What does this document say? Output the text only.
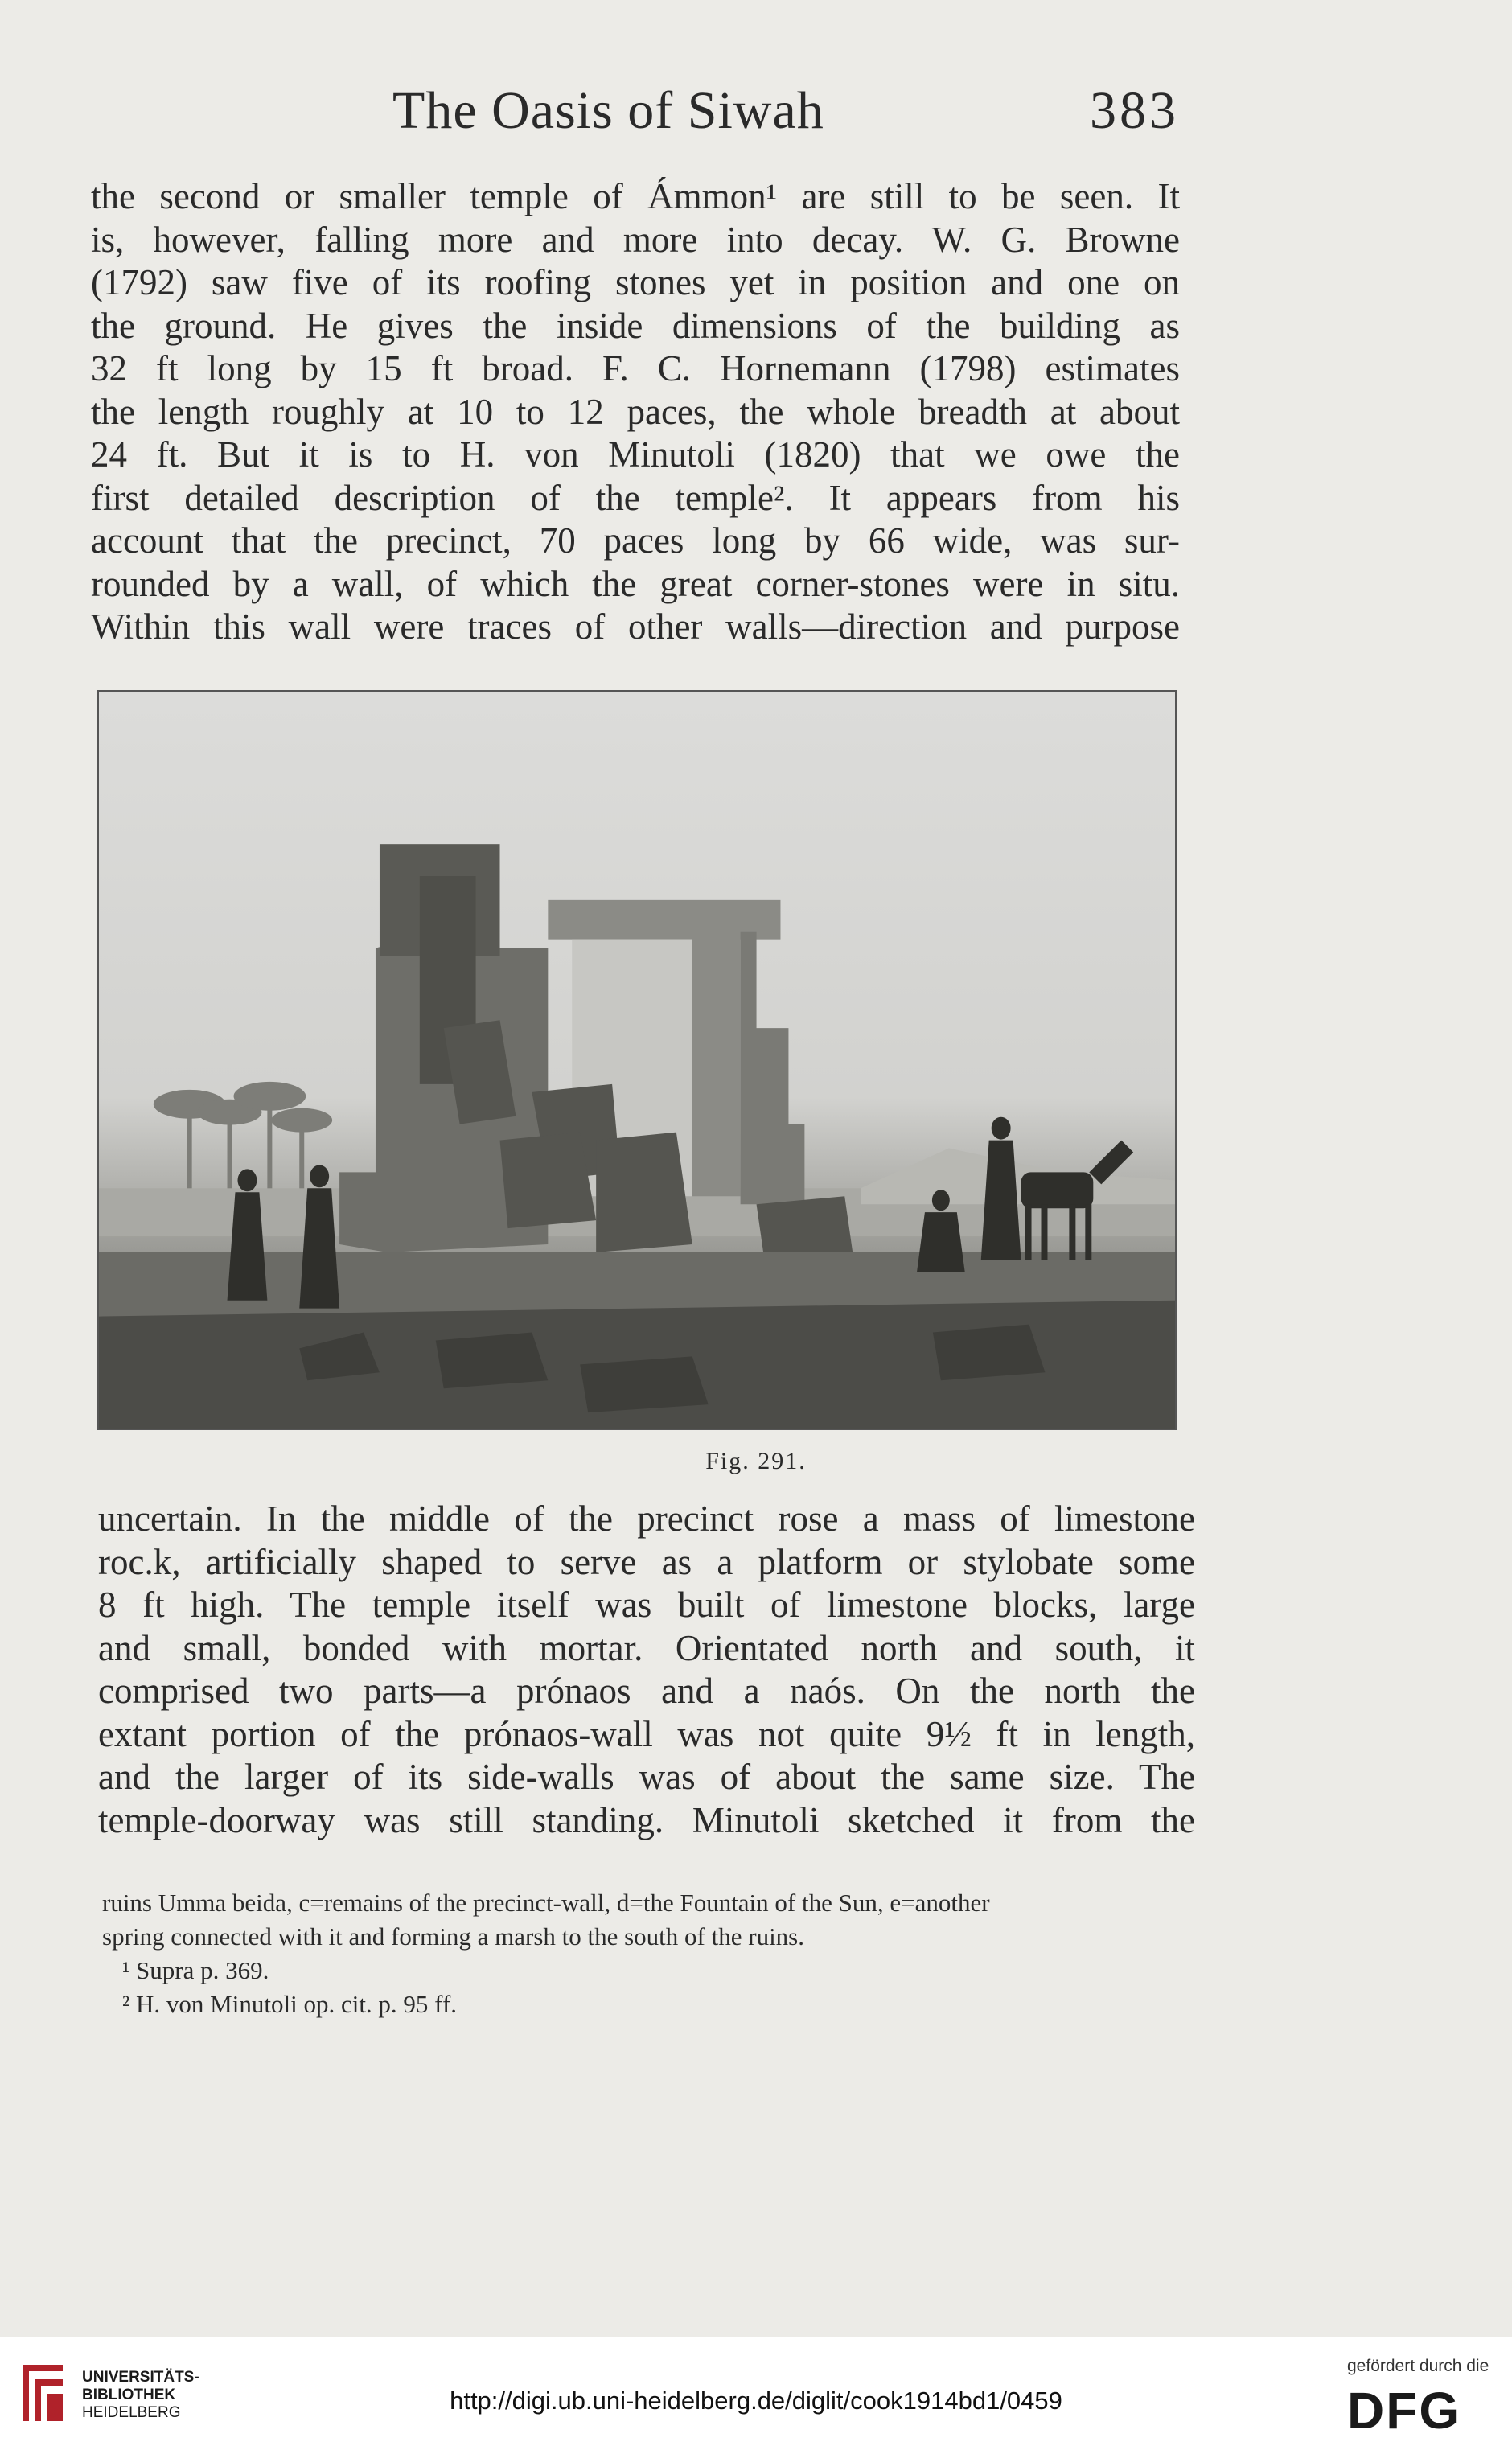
The Oasis of Siwah	383
the second or smaller temple of Ámmon¹ are still to be seen. It
is, however, falling more and more into decay. W. G. Browne
(1792) saw five of its roofing stones yet in position and one on
the ground. He gives the inside dimensions of the building as
32 ft long by 15 ft broad. F. C. Hornemann (1798) estimates
the length roughly at 10 to 12 paces, the whole breadth at about
24 ft. But it is to H. von Minutoli (1820) that we owe the
first detailed description of the temple². It appears from his
account that the precinct, 70 paces long by 66 wide, was sur-
rounded by a wall, of which the great corner-stones were in situ.
Within this wall were traces of other walls—direction and purpose
Fig. 291.
uncertain. In the middle of the precinct rose a mass of limestone
roc.k, artificially shaped to serve as a platform or stylobate some
8 ft high. The temple itself was built of limestone blocks, large
and small, bonded with mortar. Orientated north and south, it
comprised two parts—a prónaos and a naós. On the north the
extant portion of the prónaos-wall was not quite 9½ ft in length,
and the larger of its side-walls was of about the same size. The
temple-doorway was still standing. Minutoli sketched it from the
ruins Umma beida, c=remains of the precinct-wall, d=the Fountain of the Sun, e=another
spring connected with it and forming a marsh to the south of the ruins.
¹ Supra p. 369.
² H. von Minutoli op. cit. p. 95 ff.
UNIVERSITÄTS-
BIBLIOTHEK
HEIDELBERG	http://digi.ub.uni-heidelberg.de/diglit/cook1914bd1/0459
gefördert durch die
DFG
